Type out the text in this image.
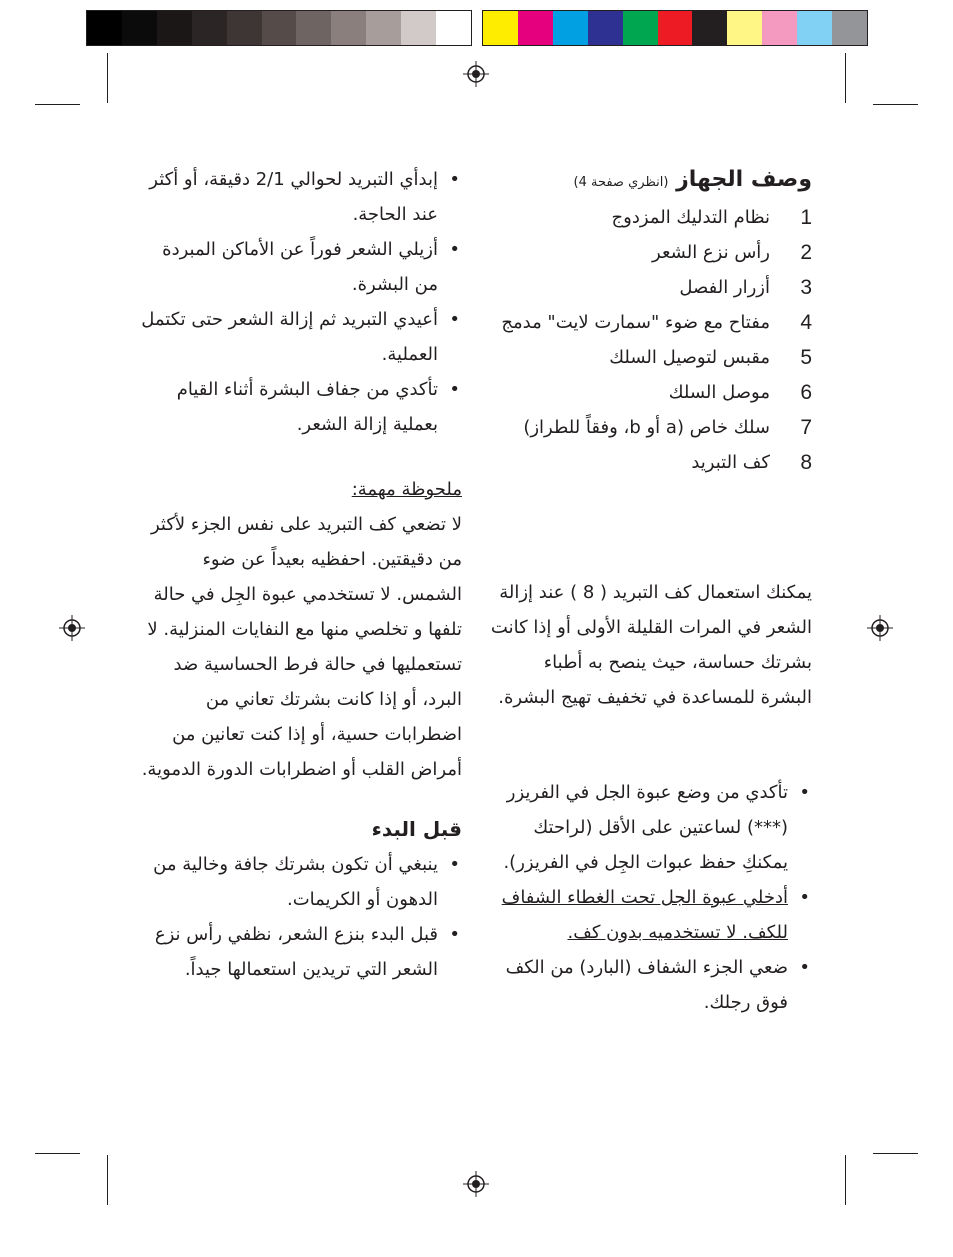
وصف الجهاز (انظري صفحة 4)
1
نظام التدليك المزدوج
2
رأس نزع الشعر
3
أزرار الفصل
4
مفتاح مع ضوء "سمارت لايت" مدمج
5
مقبس لتوصيل السلك
6
موصل السلك
7
سلك خاص (a أو b، وفقاً للطراز)
8
كف التبريد

يمكنك استعمال كف التبريد ( 8 ) عند إزالة الشعر في المرات القليلة الأولى أو إذا كانت بشرتك حساسة، حيث ينصح به أطباء البشرة للمساعدة في تخفيف تهيج البشرة.

• تأكدي من وضع عبوة الجل في الفريزر (***) لساعتين على الأقل (لراحتك يمكنكِ حفظ عبوات الجِل في الفريزر).
• أدخلي عبوة الجل تحت الغطاء الشفاف للكف. لا تستخدميه بدون كف.
• ضعي الجزء الشفاف (البارد) من الكف فوق رجلك.
• إبدأي التبريد لحوالي 2/1 دقيقة، أو أكثر عند الحاجة.
• أزيلي الشعر فوراً عن الأماكن المبردة من البشرة.
• أعيدي التبريد ثم إزالة الشعر حتى تكتمل العملية.
• تأكدي من جفاف البشرة أثناء القيام بعملية إزالة الشعر.

ملحوظة مهمة:

لا تضعي كف التبريد على نفس الجزء لأكثر من دقيقتين. احفظيه بعيداً عن ضوء الشمس. لا تستخدمي عبوة الجِل في حالة تلفها و تخلصي منها مع النفايات المنزلية. لا تستعمليها في حالة فرط الحساسية ضد البرد، أو إذا كانت بشرتك تعاني من اضطرابات حسية، أو إذا كنت تعانين من أمراض القلب أو اضطرابات الدورة الدموية.

قبل البدء

• ينبغي أن تكون بشرتك جافة وخالية من الدهون أو الكريمات.
• قبل البدء بنزع الشعر، نظفي رأس نزع الشعر التي تريدين استعمالها جيداً.
